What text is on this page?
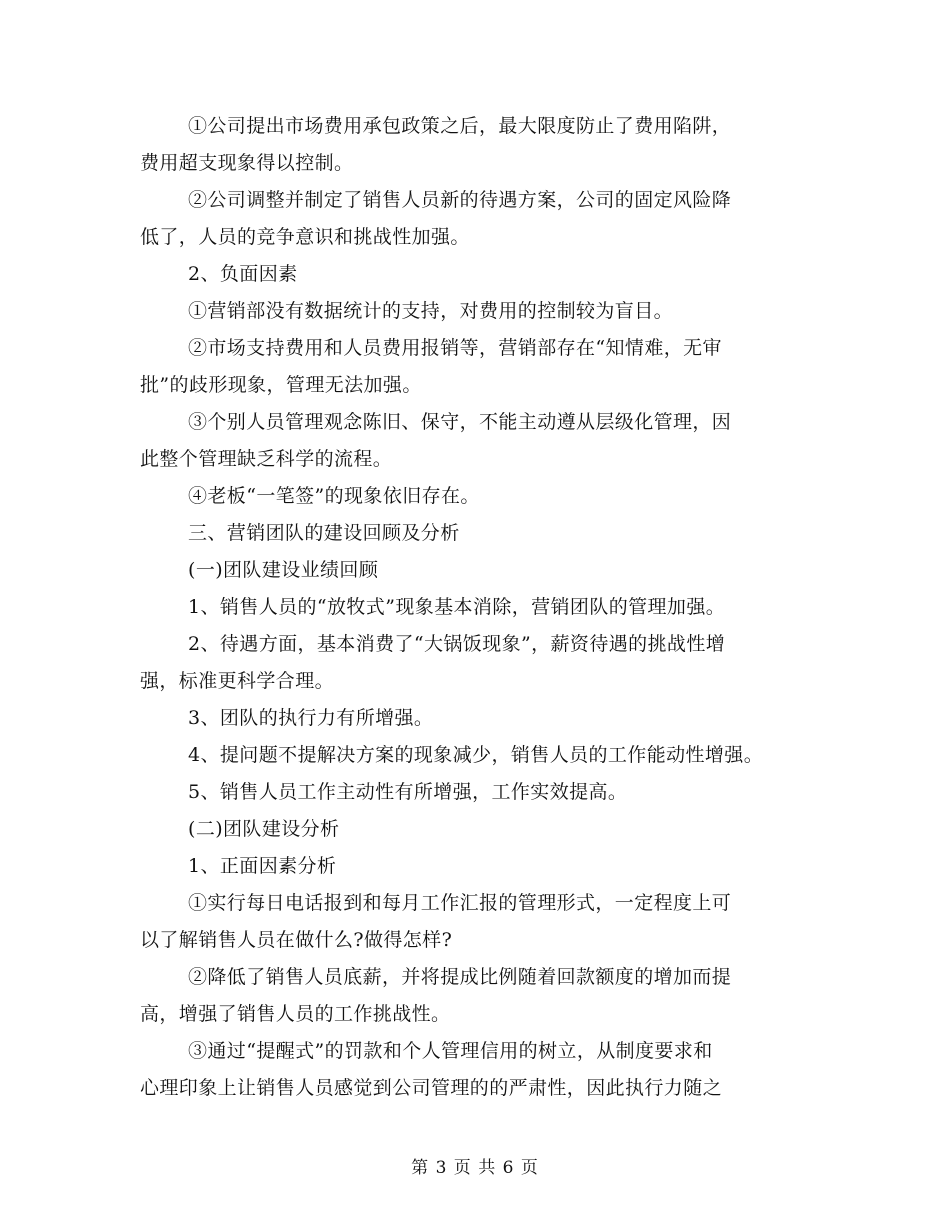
①公司提出市场费用承包政策之后，最大限度防止了费用陷阱，

费用超支现象得以控制。

②公司调整并制定了销售人员新的待遇方案，公司的固定风险降

低了，人员的竞争意识和挑战性加强。

2、负面因素

①营销部没有数据统计的支持，对费用的控制较为盲目。

②市场支持费用和人员费用报销等，营销部存在“知情难，无审

批”的歧形现象，管理无法加强。

③个别人员管理观念陈旧、保守，不能主动遵从层级化管理，因

此整个管理缺乏科学的流程。

④老板“一笔签”的现象依旧存在。

三、营销团队的建设回顾及分析

(一)团队建设业绩回顾

1、销售人员的“放牧式”现象基本消除，营销团队的管理加强。

2、待遇方面，基本消费了“大锅饭现象”，薪资待遇的挑战性增

强，标准更科学合理。

3、团队的执行力有所增强。

4、提问题不提解决方案的现象减少，销售人员的工作能动性增强。

5、销售人员工作主动性有所增强，工作实效提高。

(二)团队建设分析

1、正面因素分析

①实行每日电话报到和每月工作汇报的管理形式，一定程度上可

以了解销售人员在做什么?做得怎样?

②降低了销售人员底薪，并将提成比例随着回款额度的增加而提

高，增强了销售人员的工作挑战性。

③通过“提醒式”的罚款和个人管理信用的树立，从制度要求和

心理印象上让销售人员感觉到公司管理的的严肃性，因此执行力随之

第 3 页 共 6 页
